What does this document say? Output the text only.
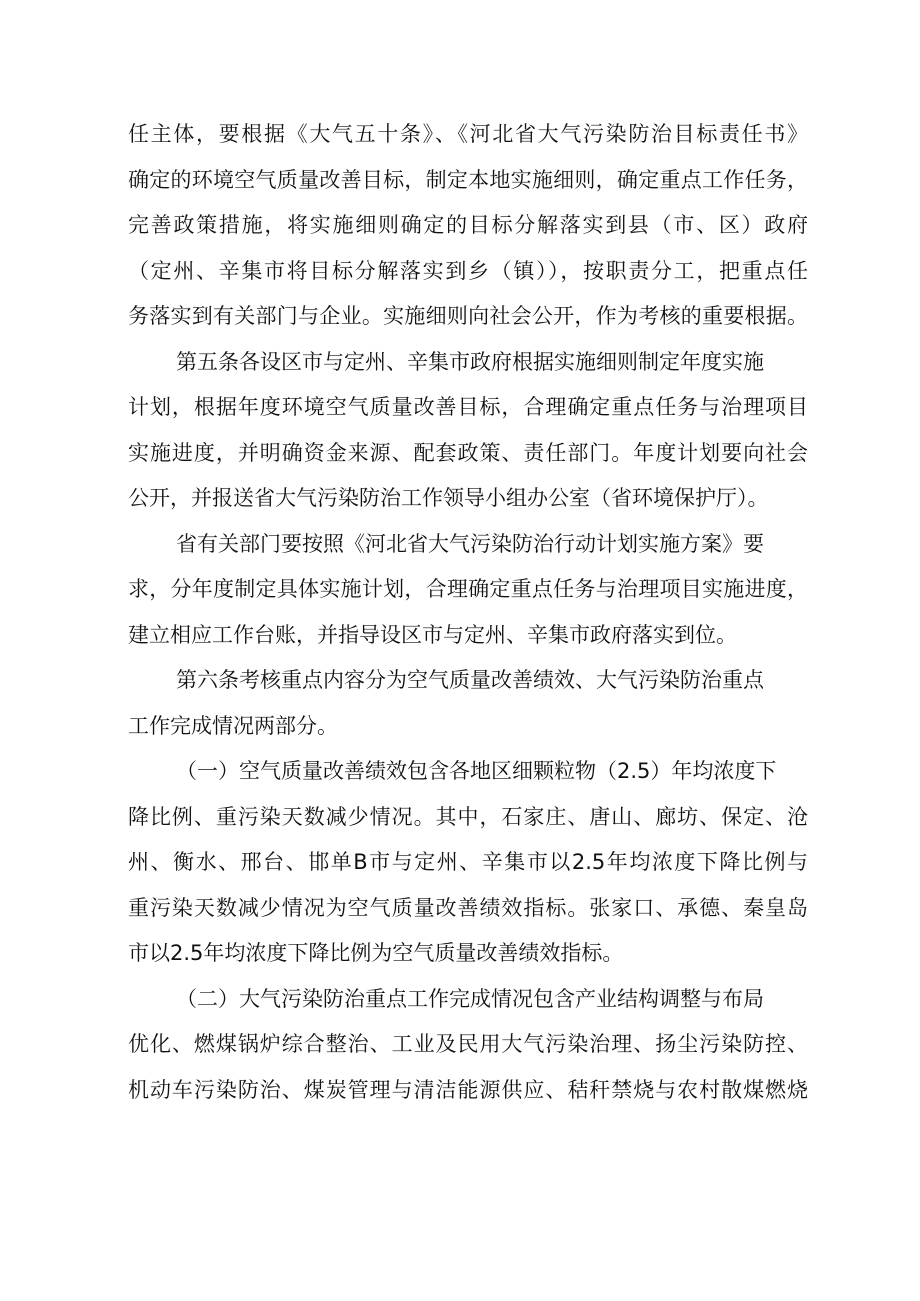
任主体，要根据《大气五十条》、《河北省大气污染防治目标责任书》
确定的环境空气质量改善目标，制定本地实施细则，确定重点工作任务，
完善政策措施，将实施细则确定的目标分解落实到县（市、区）政府
（定州、辛集市将目标分解落实到乡（镇）），按职责分工，把重点任
务落实到有关部门与企业。实施细则向社会公开，作为考核的重要根据。
第五条各设区市与定州、辛集市政府根据实施细则制定年度实施
计划，根据年度环境空气质量改善目标，合理确定重点任务与治理项目
实施进度，并明确资金来源、配套政策、责任部门。年度计划要向社会
公开，并报送省大气污染防治工作领导小组办公室（省环境保护厅）。
省有关部门要按照《河北省大气污染防治行动计划实施方案》要
求，分年度制定具体实施计划，合理确定重点任务与治理项目实施进度，
建立相应工作台账，并指导设区市与定州、辛集市政府落实到位。
第六条考核重点内容分为空气质量改善绩效、大气污染防治重点
工作完成情况两部分。
（一）空气质量改善绩效包含各地区细颗粒物（2.5）年均浓度下
降比例、重污染天数减少情况。其中，石家庄、唐山、廊坊、保定、沧
州、衡水、邢台、邯单B市与定州、辛集市以2.5年均浓度下降比例与
重污染天数减少情况为空气质量改善绩效指标。张家口、承德、秦皇岛
市以2.5年均浓度下降比例为空气质量改善绩效指标。
（二）大气污染防治重点工作完成情况包含产业结构调整与布局
优化、燃煤锅炉综合整治、工业及民用大气污染治理、扬尘污染防控、
机动车污染防治、煤炭管理与清洁能源供应、秸秆禁烧与农村散煤燃烧
